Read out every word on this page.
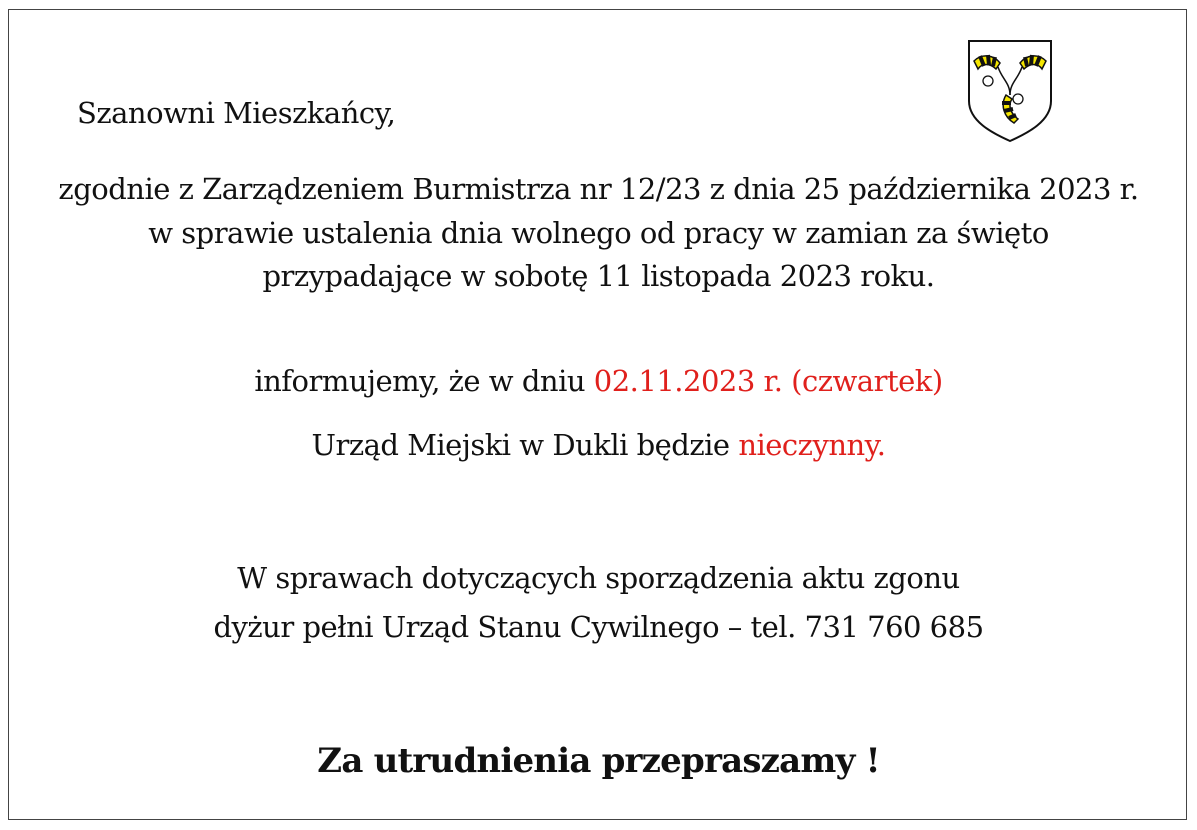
Szanowni Mieszkańcy,
zgodnie z Zarządzeniem Burmistrza nr 12/23 z dnia 25 października 2023 r.
w sprawie ustalenia dnia wolnego od pracy w zamian za święto
przypadające w sobotę 11 listopada 2023 roku.
informujemy, że w dniu 02.11.2023 r. (czwartek)
Urząd Miejski w Dukli będzie nieczynny.
W sprawach dotyczących sporządzenia aktu zgonu
dyżur pełni Urząd Stanu Cywilnego – tel. 731 760 685
Za utrudnienia przepraszamy !
